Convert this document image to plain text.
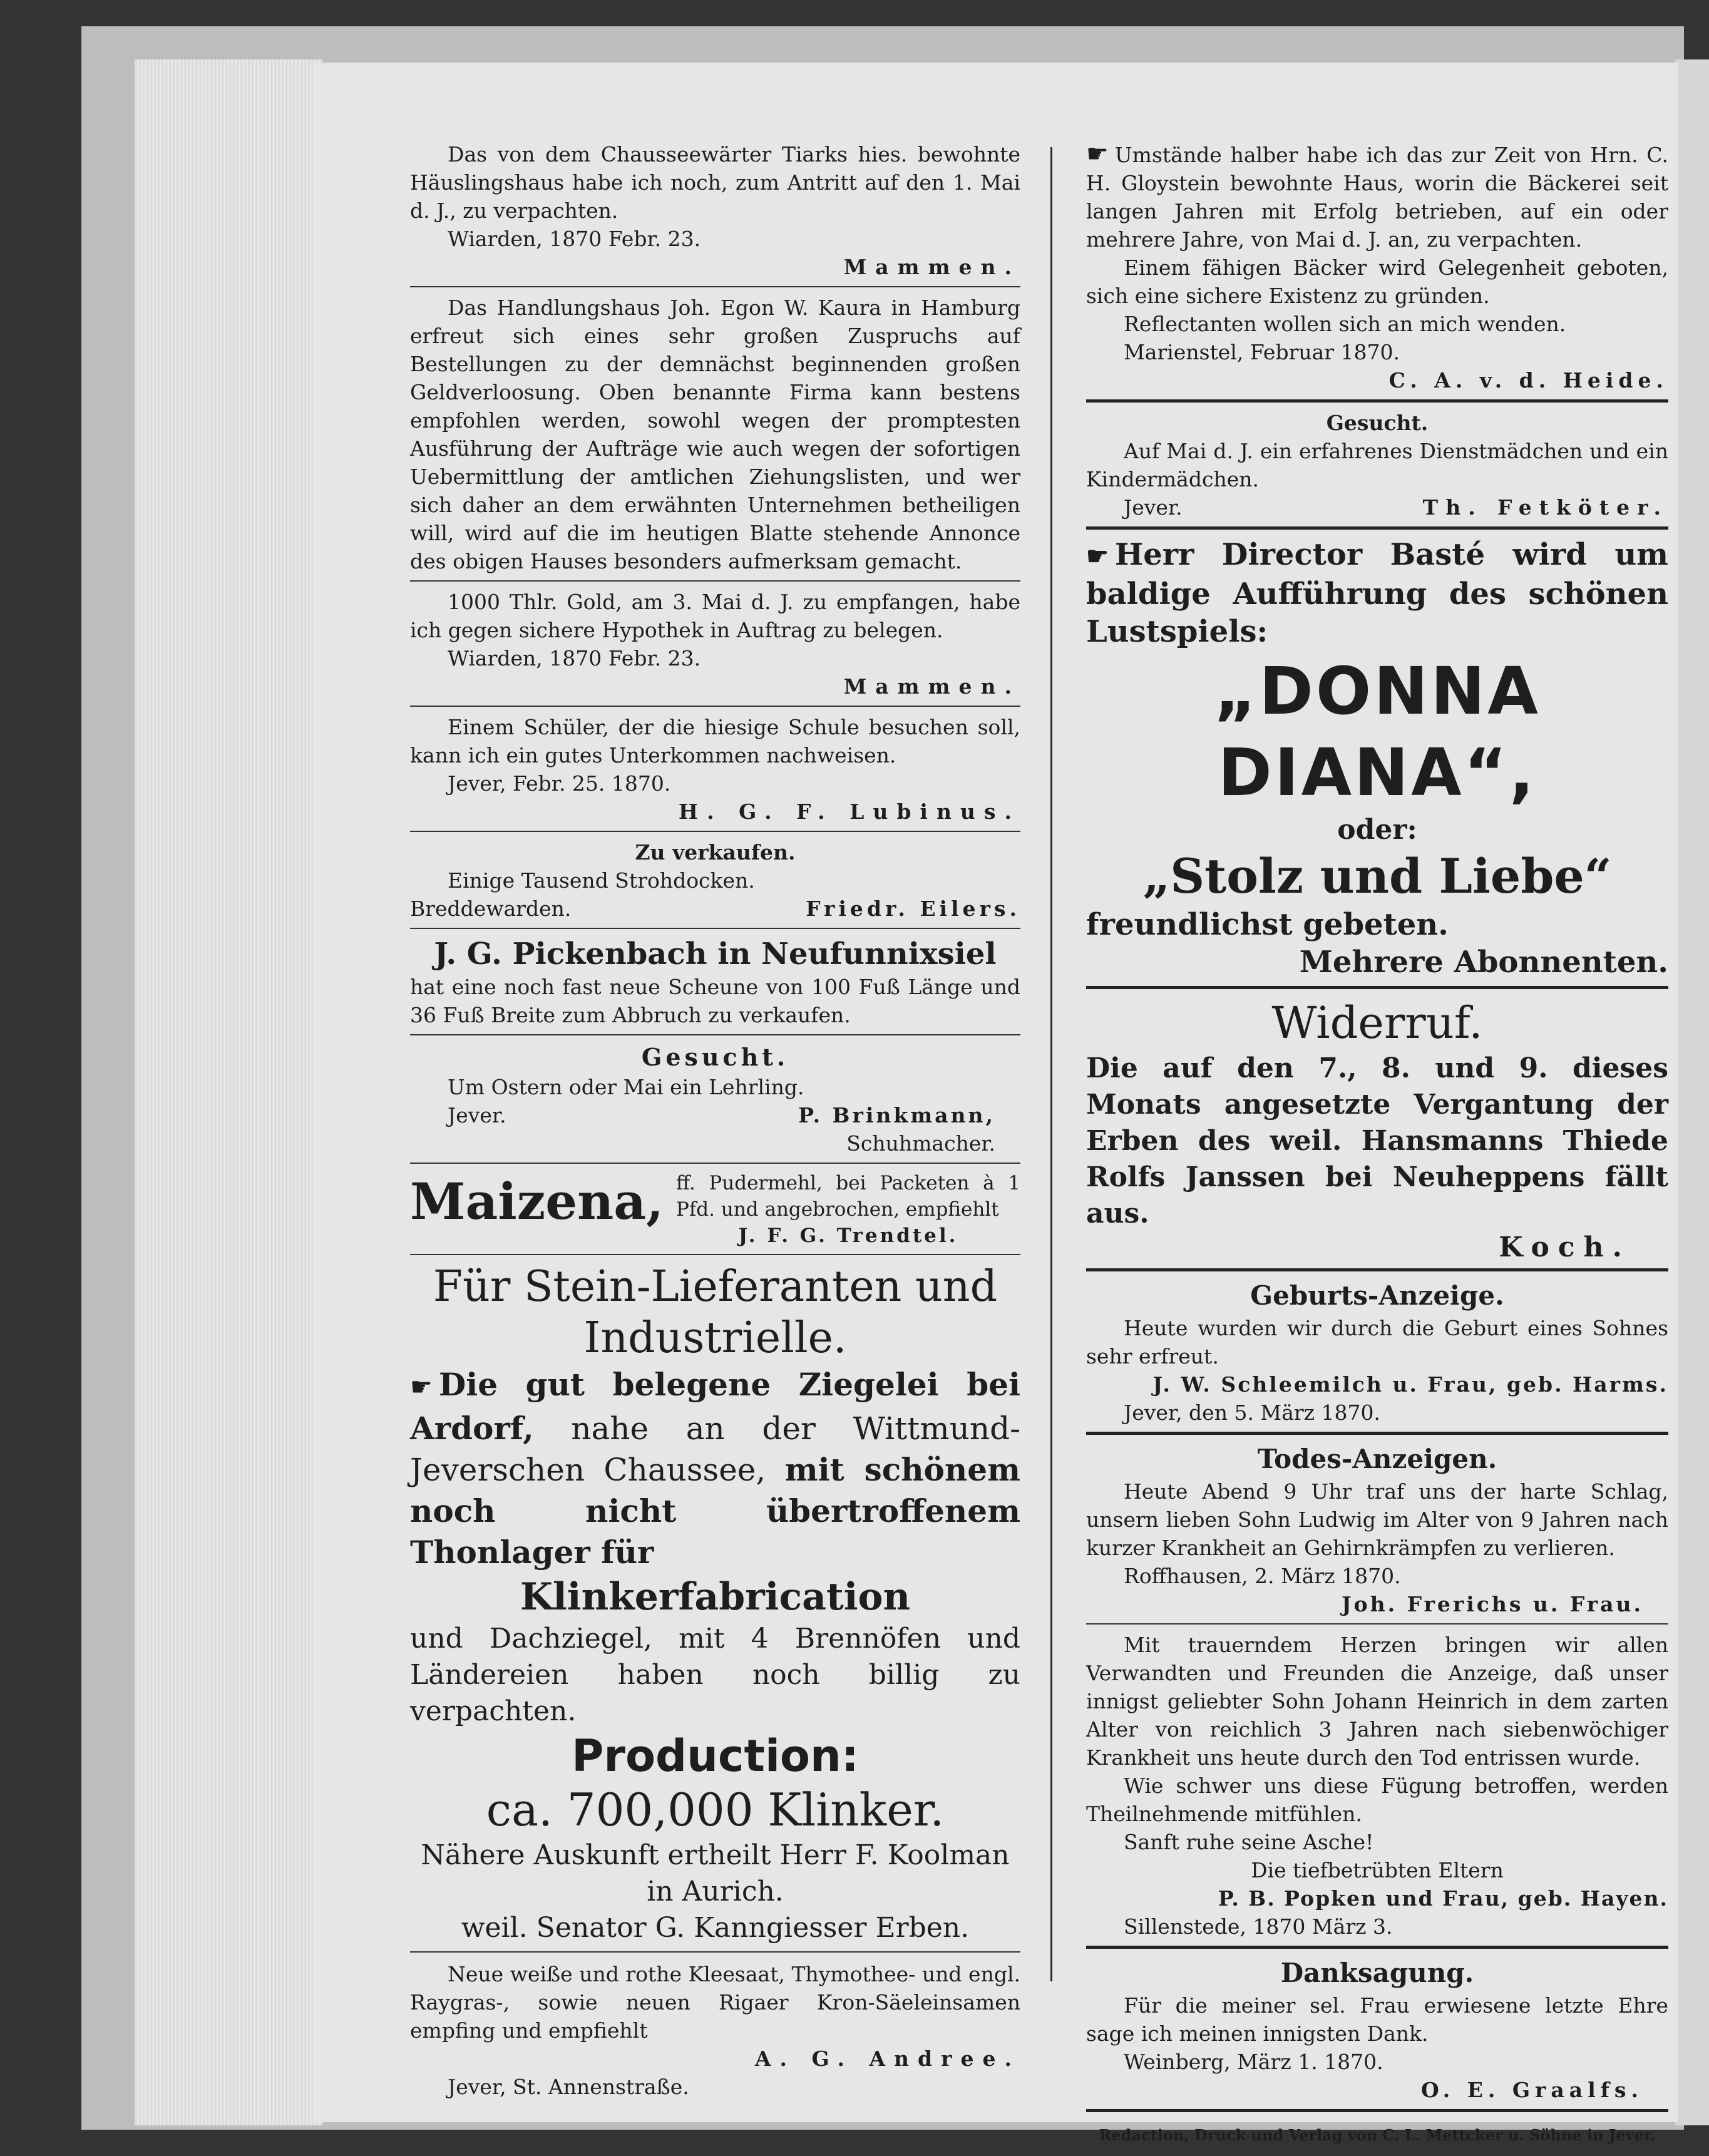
Das von dem Chausseewärter Tiarks hies. bewohnte Häuslingshaus habe ich noch, zum Antritt auf den 1. Mai d. J., zu verpachten.

Wiarden, 1870 Febr. 23.

Mammen.

Das Handlungshaus Joh. Egon W. Kaura in Hamburg erfreut sich eines sehr großen Zuspruchs auf Bestellungen zu der demnächst beginnenden großen Geldverloosung. Oben benannte Firma kann bestens empfohlen werden, sowohl wegen der promptesten Ausführung der Aufträge wie auch wegen der sofortigen Uebermittlung der amtlichen Ziehungslisten, und wer sich daher an dem erwähnten Unternehmen betheiligen will, wird auf die im heutigen Blatte stehende Annonce des obigen Hauses besonders aufmerksam gemacht.

1000 Thlr. Gold, am 3. Mai d. J. zu empfangen, habe ich gegen sichere Hypothek in Auftrag zu belegen.

Wiarden, 1870 Febr. 23.

Mammen.

Einem Schüler, der die hiesige Schule besuchen soll, kann ich ein gutes Unterkommen nachweisen.

Jever, Febr. 25. 1870.

H. G. F. Lubinus.

Zu verkaufen.

Einige Tausend Strohdocken.

Breddewarden.	Friedr. Eilers.

J. G. Pickenbach in Neufunnixsiel

hat eine noch fast neue Scheune von 100 Fuß Länge und 36 Fuß Breite zum Abbruch zu verkaufen.

Gesucht.

Um Ostern oder Mai ein Lehrling.

Jever.	P. Brinkmann,

Schuhmacher.

Maizena, ff. Pudermehl, bei Packeten à 1 Pfd. und angebrochen, empfiehlt

J. F. G. Trendtel.

Für Stein-Lieferanten und

Industrielle.

☛ Die gut belegene Ziegelei bei Ardorf, nahe an der Wittmund-Jeverschen Chaussee, mit schönem noch nicht übertroffenem Thonlager für

Klinkerfabrication

und Dachziegel, mit 4 Brennöfen und Ländereien haben noch billig zu verpachten.

Production:

ca. 700,000 Klinker.

Nähere Auskunft ertheilt Herr F. Koolman in Aurich.

weil. Senator G. Kanngiesser Erben.

Neue weiße und rothe Kleesaat, Thymothee- und engl. Raygras-, sowie neuen Rigaer Kron-Säeleinsamen empfing und empfiehlt

A. G. Andree.

Jever, St. Annenstraße.

☛ Umstände halber habe ich das zur Zeit von Hrn. C. H. Gloystein bewohnte Haus, worin die Bäckerei seit langen Jahren mit Erfolg betrieben, auf ein oder mehrere Jahre, von Mai d. J. an, zu verpachten.

Einem fähigen Bäcker wird Gelegenheit geboten, sich eine sichere Existenz zu gründen.

Reflectanten wollen sich an mich wenden.

Marienstel, Februar 1870.

C. A. v. d. Heide.

Gesucht.

Auf Mai d. J. ein erfahrenes Dienstmädchen und ein Kindermädchen.

Jever.	Th. Fetköter.

☛ Herr Director Basté wird um baldige Aufführung des schönen Lustspiels:

„DONNA DIANA“,

oder:

„Stolz und Liebe“

freundlichst gebeten.

Mehrere Abonnenten.

Widerruf.

Die auf den 7., 8. und 9. dieses Monats angesetzte Vergantung der Erben des weil. Hansmanns Thiede Rolfs Janssen bei Neuheppens fällt aus.

Koch.

Geburts-Anzeige.

Heute wurden wir durch die Geburt eines Sohnes sehr erfreut.

J. W. Schleemilch u. Frau, geb. Harms.

Jever, den 5. März 1870.

Todes-Anzeigen.

Heute Abend 9 Uhr traf uns der harte Schlag, unsern lieben Sohn Ludwig im Alter von 9 Jahren nach kurzer Krankheit an Gehirnkrämpfen zu verlieren.

Roffhausen, 2. März 1870.

Joh. Frerichs u. Frau.

Mit trauerndem Herzen bringen wir allen Verwandten und Freunden die Anzeige, daß unser innigst geliebter Sohn Johann Heinrich in dem zarten Alter von reichlich 3 Jahren nach siebenwöchiger Krankheit uns heute durch den Tod entrissen wurde.

Wie schwer uns diese Fügung betroffen, werden Theilnehmende mitfühlen.

Sanft ruhe seine Asche!

Die tiefbetrübten Eltern

P. B. Popken und Frau, geb. Hayen.

Sillenstede, 1870 März 3.

Danksagung.

Für die meiner sel. Frau erwiesene letzte Ehre sage ich meinen innigsten Dank.

Weinberg, März 1. 1870.

O. E. Graalfs.

Redaction, Druck und Verlag von C. L. Mettcker u. Söhne in Jever.
